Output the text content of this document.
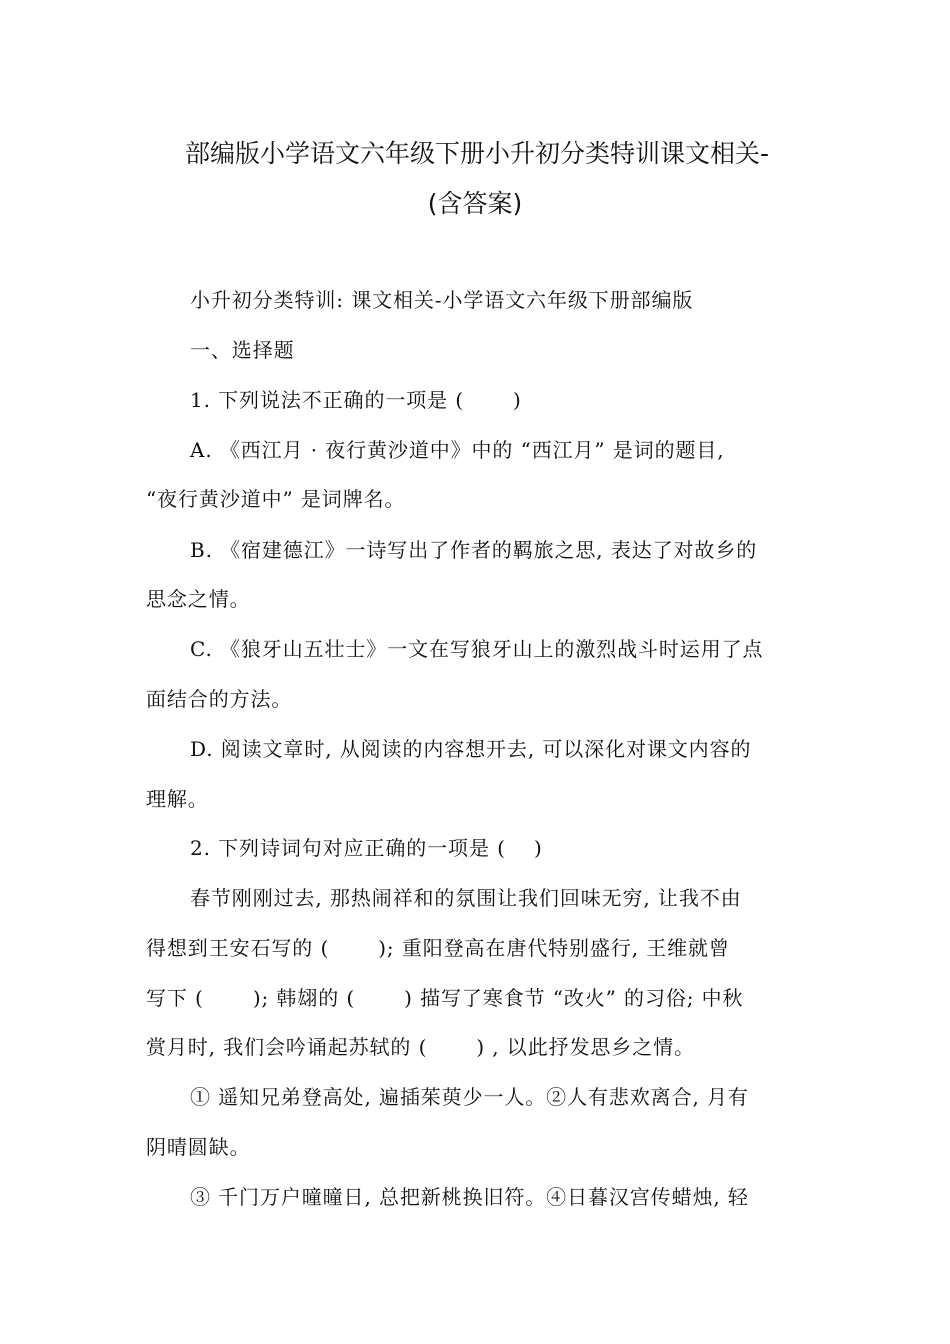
部编版小学语文六年级下册小升初分类特训课文相关-
(含答案)
小升初分类特训: 课文相关-小学语文六年级下册部编版
一、选择题
1. 下列说法不正确的一项是 (　　 )
A. 《西江月 · 夜行黄沙道中》中的 “西江月” 是词的题目,
“夜行黄沙道中” 是词牌名。
B. 《宿建德江》一诗写出了作者的羁旅之思, 表达了对故乡的
思念之情。
C. 《狼牙山五壮士》一文在写狼牙山上的激烈战斗时运用了点
面结合的方法。
D. 阅读文章时, 从阅读的内容想开去, 可以深化对课文内容的
理解。
2. 下列诗词句对应正确的一项是 (　 )
春节刚刚过去, 那热闹祥和的氛围让我们回味无穷, 让我不由
得想到王安石写的 (　　 ); 重阳登高在唐代特别盛行, 王维就曾
写下 (　　 ); 韩翃的 (　　 ) 描写了寒食节 “改火” 的习俗; 中秋
赏月时, 我们会吟诵起苏轼的 (　　 ) , 以此抒发思乡之情。
① 遥知兄弟登高处, 遍插茱萸少一人。②人有悲欢离合, 月有
阴晴圆缺。
③ 千门万户曈曈日, 总把新桃换旧符。④日暮汉宫传蜡烛, 轻
